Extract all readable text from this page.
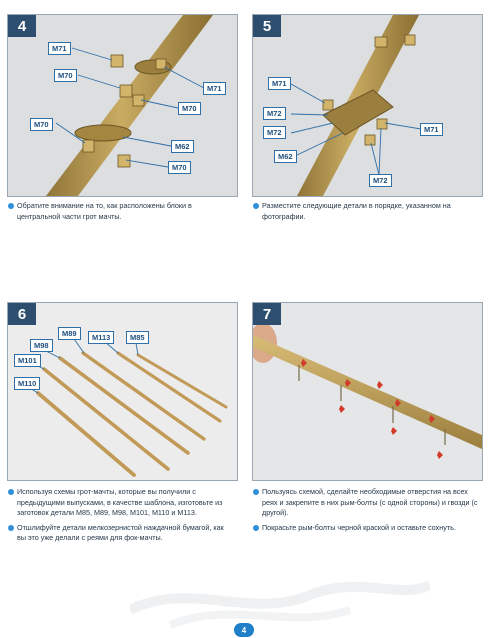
4
M71
M70
M71
M70
M70
M62
M70

Обратите внимание на то, как расположены блоки в центральной части грот мачты.

5
M71
M72
M72	M71
M62
M72

Разместите следующие детали в порядке, указанном на фотографии.

6
M89	M113	M85
M98
M101
M110

Используя схемы грот-мачты, которые вы получили с предыдущими выпусками, в качестве шаблона, изготовьте из заготовок детали M85, M89, M98, M101, M110 и M113.

Отшлифуйте детали мелкозернистой наждачной бумагой, как вы это уже делали с реями для фок-мачты.

7

Пользуясь схемой, сделайте необходимые отверстия на всех реях и закрепите в них рым-болты (с одной стороны) и гвозди (с другой).

Покрасьте рым-болты черной краской и оставьте сохнуть.

4
